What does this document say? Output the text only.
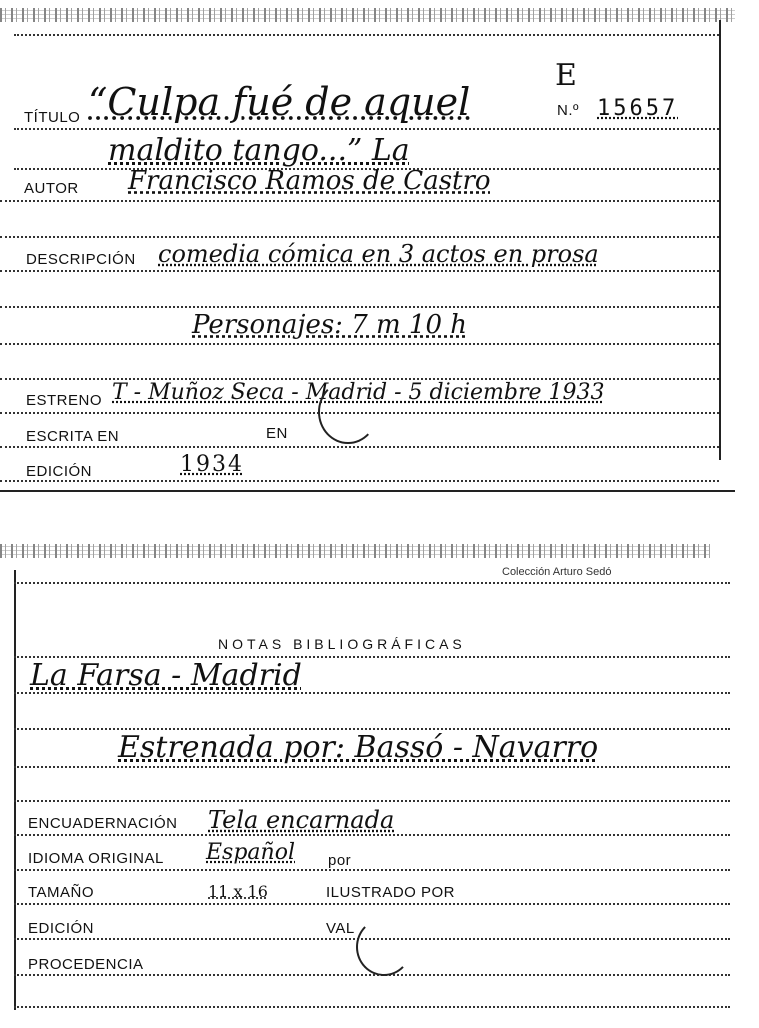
E
TÍTULO “Culpa fué de aquel	N.º 15657
maldito tango...” La
AUTOR Francisco Ramos de Castro
DESCRIPCIÓN comedia cómica en 3 actos en prosa
Personajes: 7 m 10 h
ESTRENO T - Muñoz Seca - Madrid - 5 diciembre 1933
ESCRITA EN	EN
EDICIÓN	1934
Colección Arturo Sedó
NOTAS BIBLIOGRÁFICAS
La Farsa - Madrid
Estrenada por: Bassó - Navarro
ENCUADERNACIÓN Tela encarnada
IDIOMA ORIGINAL Español por
TAMAÑO	11 x 16	ILUSTRADO POR
EDICIÓN	VAL
PROCEDENCIA
